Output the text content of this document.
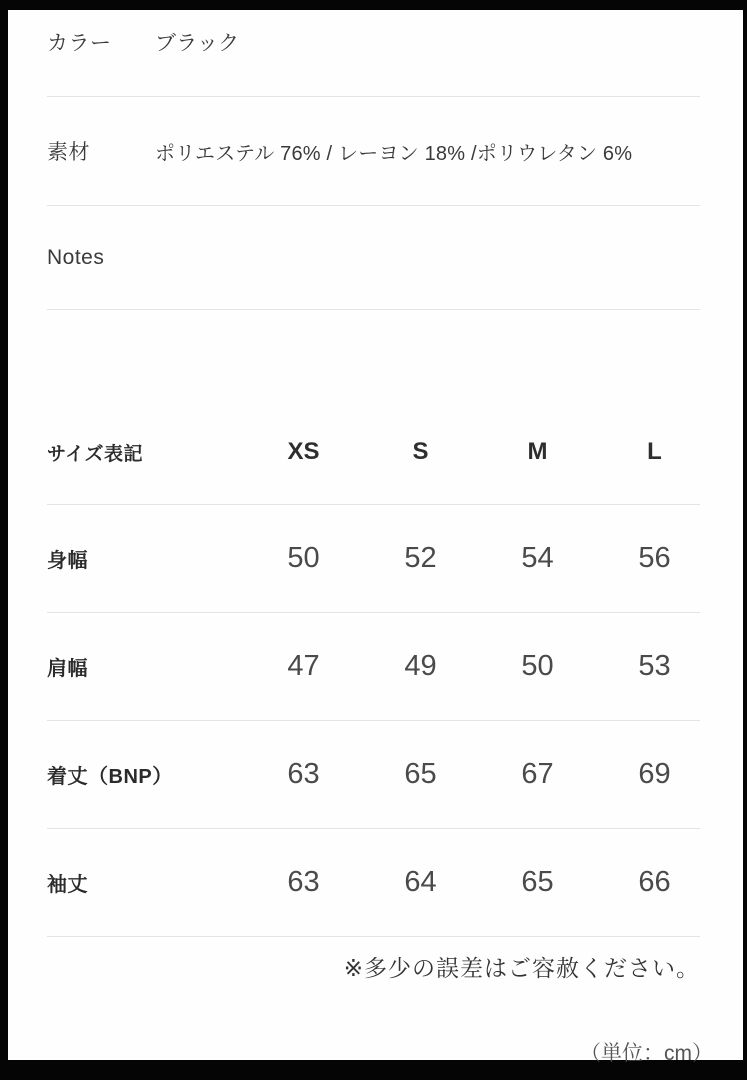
カラー	ブラック
素材	ポリエステル 76% / レーヨン 18% /ポリウレタン 6%
Notes
サイズ表記	XS	S	M	L
身幅	50	52	54	56
肩幅	47	49	50	53
着丈（BNP）	63	65	67	69
袖丈	63	64	65	66
※多少の誤差はご容赦ください。
（単位：cm）
